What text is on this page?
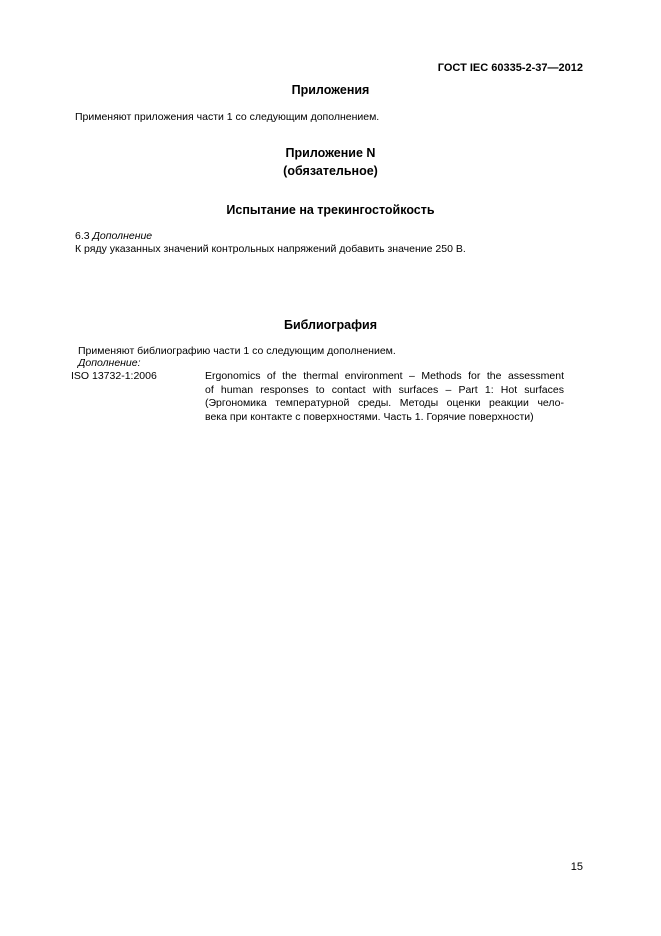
ГОСТ IEC 60335-2-37—2012
Приложения
Применяют приложения части 1 со следующим дополнением.
Приложение N
(обязательное)
Испытание на трекингостойкость
6.3 Дополнение
К ряду указанных значений контрольных напряжений добавить значение 250 В.
Библиография
Применяют библиографию части 1 со следующим дополнением.
Дополнение:
ISO 13732-1:2006	Ergonomics of the thermal environment – Methods for the assessment
of human responses to contact with surfaces – Part 1: Hot surfaces
(Эргономика температурной среды. Методы оценки реакции чело-
века при контакте с поверхностями. Часть 1. Горячие поверхности)
15
